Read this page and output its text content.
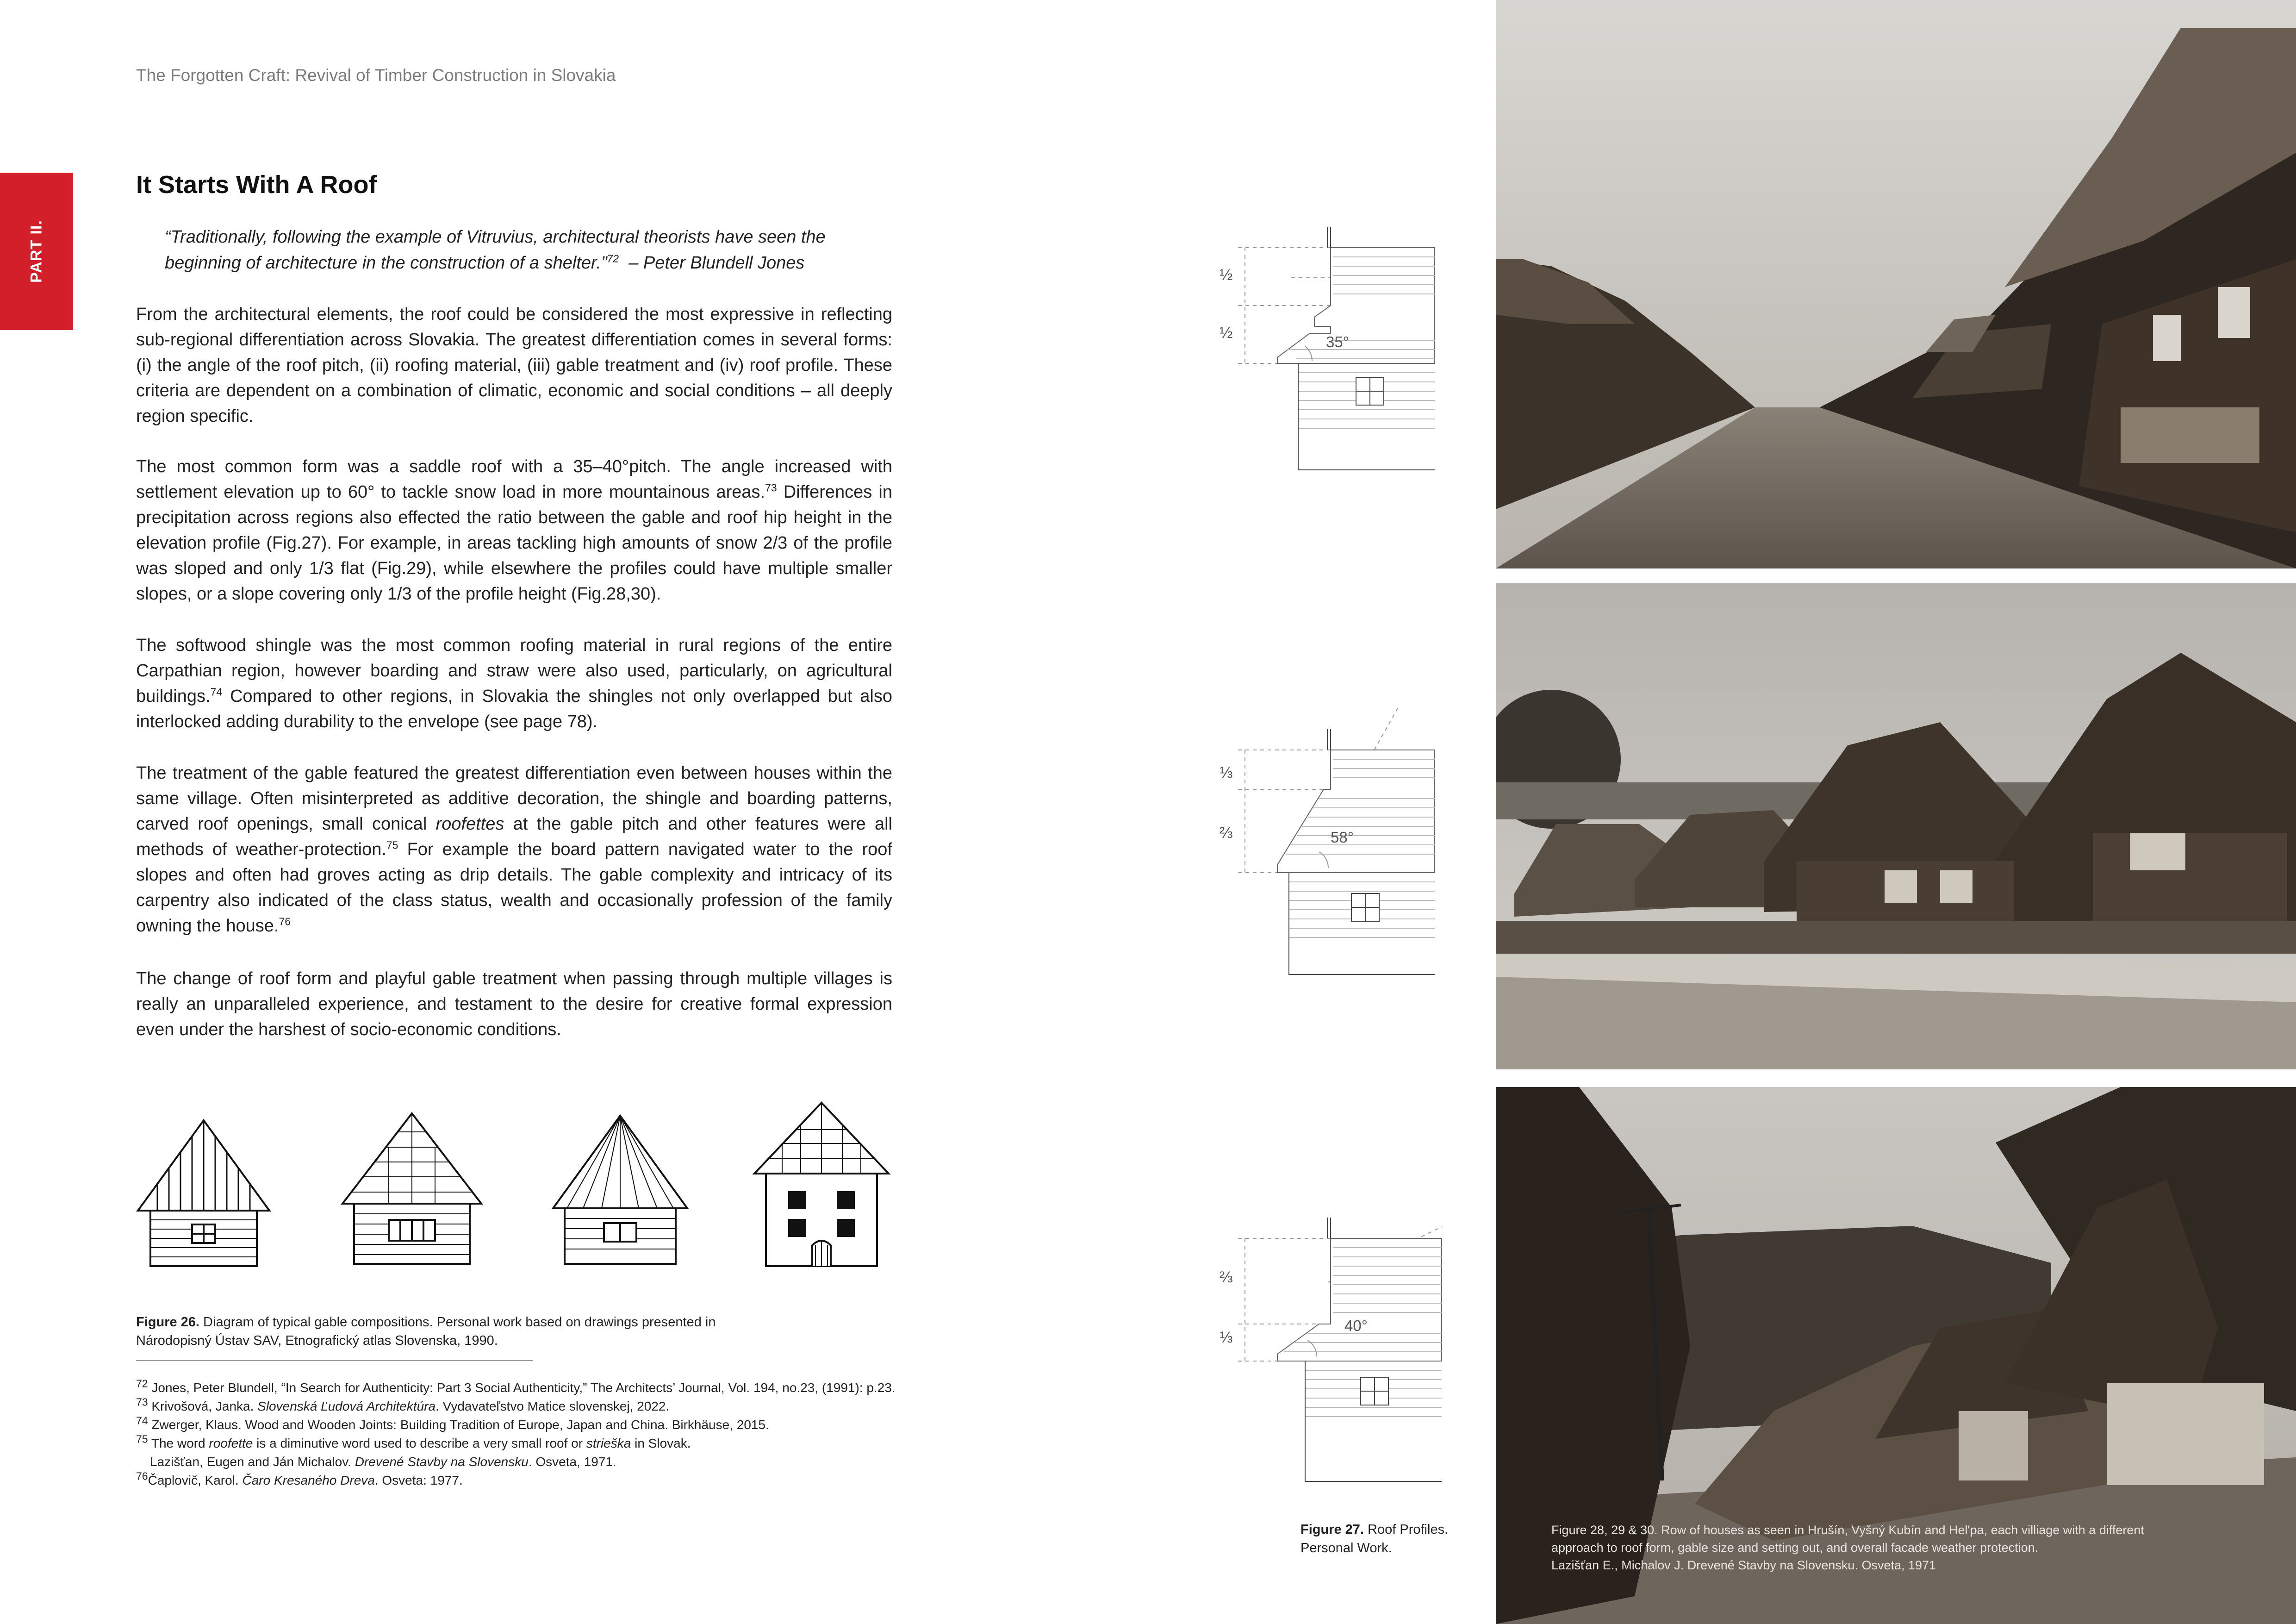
The Forgotten Craft: Revival of Timber Construction in Slovakia
PART II.
It Starts With A Roof
“Traditionally, following the example of Vitruvius, architectural theorists have seen the beginning of architecture in the construction of a shelter.”$^{72}$  – Peter Blundell Jones

From the architectural elements, the roof could be considered the most expressive in reflecting sub-regional differentiation across Slovakia. The greatest differentiation comes in several forms: (i) the angle of the roof pitch, (ii) roofing material, (iii) gable treatment and (iv) roof profile. These criteria are dependent on a combination of climatic, economic and social conditions – all deeply region specific.

The most common form was a saddle roof with a 35–40°pitch. The angle increased with settlement elevation up to 60° to tackle snow load in more mountainous areas.$^{73}$ Differences in precipitation across regions also effected the ratio between the gable and roof hip height in the elevation profile (Fig.27). For example, in areas tackling high amounts of snow 2/3 of the profile was sloped and only 1/3 flat (Fig.29), while elsewhere the profiles could have multiple smaller slopes, or a slope covering only 1/3 of the profile height (Fig.28,30).

The softwood shingle was the most common roofing material in rural regions of the entire Carpathian region, however boarding and straw were also used, particularly, on agricultural buildings.$^{74}$ Compared to other regions, in Slovakia the shingles not only overlapped but also interlocked adding durability to the envelope (see page 78).

The treatment of the gable featured the greatest differentiation even between houses within the same village. Often misinterpreted as additive decoration, the shingle and boarding patterns, carved roof openings, small conical roofettes at the gable pitch and other features were all methods of weather-protection.$^{75}$ For example the board pattern navigated water to the roof slopes and often had groves acting as drip details. The gable complexity and intricacy of its carpentry also indicated of the class status, wealth and occasionally profession of the family owning the house.$^{76}$

The change of roof form and playful gable treatment when passing through multiple villages is really an unparalleled experience, and testament to the desire for creative formal expression even under the harshest of socio-economic conditions.

Figure 26. Diagram of typical gable compositions. Personal work based on drawings presented in Národopisný Ústav SAV, Etnografický atlas Slovenska, 1990.
$^{72}$ Jones, Peter Blundell, “In Search for Authenticity: Part 3 Social Authenticity,” The Architects’ Journal, Vol. 194, no.23, (1991): p.23.
$^{73}$ Krivošová, Janka. Slovenská Ľudová Architektúra. Vydavateľstvo Matice slovenskej, 2022.
$^{74}$ Zwerger, Klaus. Wood and Wooden Joints: Building Tradition of Europe, Japan and China. Birkhäuse, 2015.
$^{75}$ The word roofette is a diminutive word used to describe a very small roof or strieška in Slovak.
Lazišťan, Eugen and Ján Michalov. Drevené Stavby na Slovensku. Osveta, 1971.
$^{76}$Čaplovič, Karol. Čaro Kresaného Dreva. Osveta: 1977.
½
½
35°
⅓
⅔	58°
⅔
⅓
40°
Figure 27. Roof Profiles. Personal Work.
Figure 28, 29 & 30. Row of houses as seen in Hrušín, Vyšný Kubín and Hel'pa, each villiage with a different approach to roof form, gable size and setting out, and overall facade weather protection.
Lazišťan E., Michalov J. Drevené Stavby na Slovensku. Osveta, 1971
